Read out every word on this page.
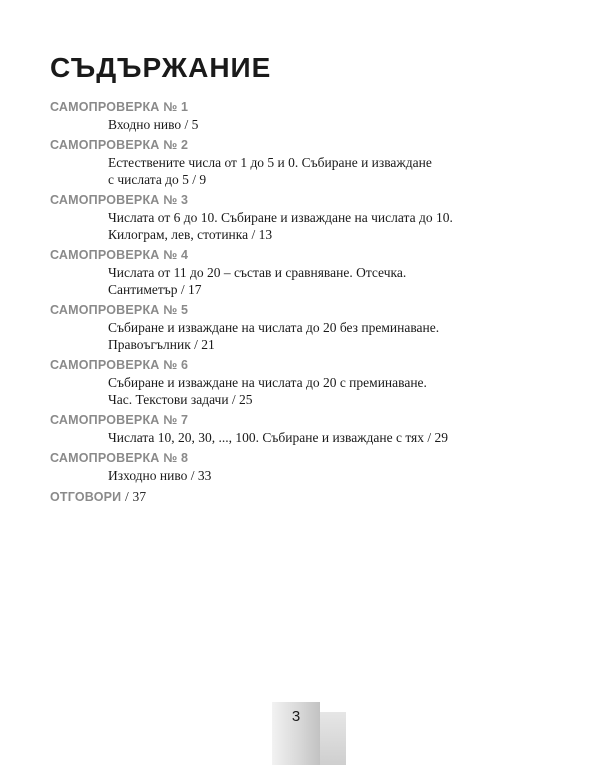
СЪДЪРЖАНИЕ
САМОПРОВЕРКА № 1
Входно ниво / 5
САМОПРОВЕРКА № 2
Естествените числа от 1 до 5 и 0. Събиране и изваждане
с числата до 5 / 9
САМОПРОВЕРКА № 3
Числата от 6 до 10. Събиране и изваждане на числата до 10.
Килограм, лев, стотинка / 13
САМОПРОВЕРКА № 4
Числата от 11 до 20 – състав и сравняване. Отсечка.
Сантиметър / 17
САМОПРОВЕРКА № 5
Събиране и изваждане на числата до 20 без преминаване.
Правоъгълник / 21
САМОПРОВЕРКА № 6
Събиране и изваждане на числата до 20 с преминаване.
Час. Текстови задачи / 25
САМОПРОВЕРКА № 7
Числата 10, 20, 30, ..., 100. Събиране и изваждане с тях / 29
САМОПРОВЕРКА № 8
Изходно ниво / 33
ОТГОВОРИ / 37
3
